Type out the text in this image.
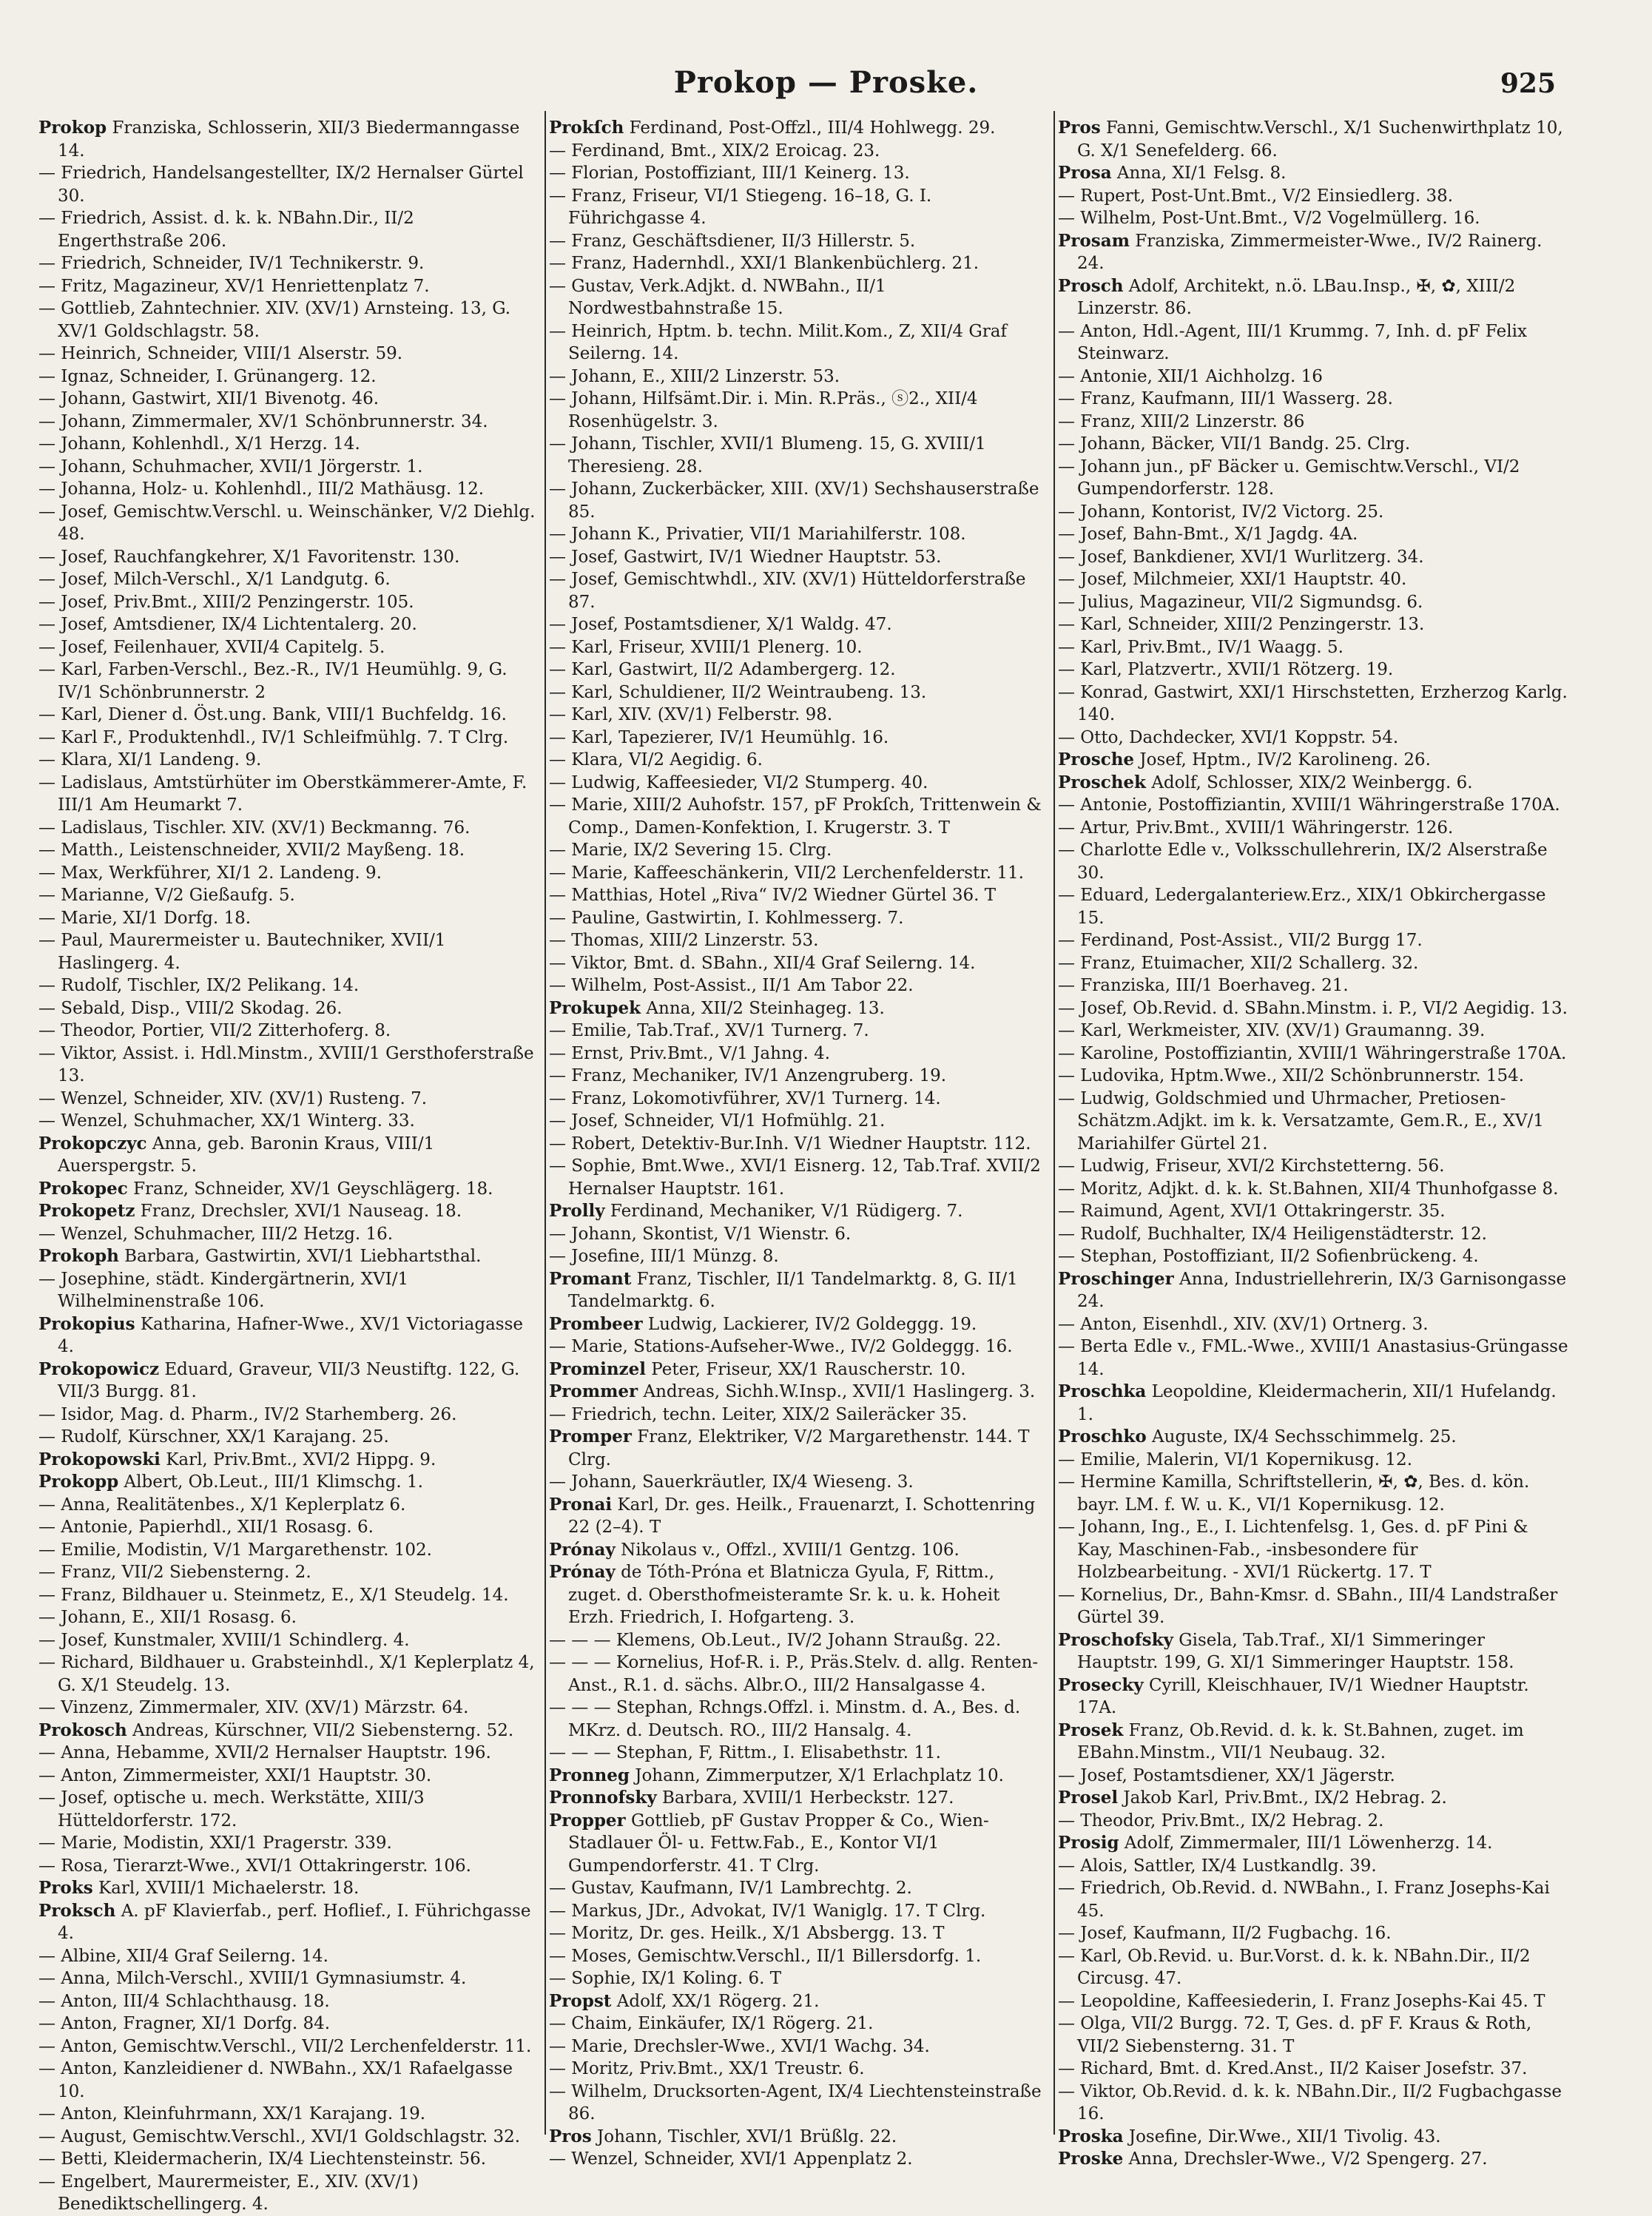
Prokop — Proske.	925

Prokop Franziska, Schlosserin, XII/3 Biedermanngasse 14.

— Friedrich, Handelsangestellter, IX/2 Hernalser Gürtel 30.

— Friedrich, Assist. d. k. k. NBahn.Dir., II/2 Engerthstraße 206.

— Friedrich, Schneider, IV/1 Technikerstr. 9.

— Fritz, Magazineur, XV/1 Henriettenplatz 7.

— Gottlieb, Zahntechnier. XIV. (XV/1) Arnsteing. 13, G. XV/1 Goldschlagstr. 58.

— Heinrich, Schneider, VIII/1 Alserstr. 59.

— Ignaz, Schneider, I. Grünangerg. 12.

— Johann, Gastwirt, XII/1 Bivenotg. 46.

— Johann, Zimmermaler, XV/1 Schönbrunnerstr. 34.

— Johann, Kohlenhdl., X/1 Herzg. 14.

— Johann, Schuhmacher, XVII/1 Jörgerstr. 1.

— Johanna, Holz- u. Kohlenhdl., III/2 Mathäusg. 12.

— Josef, Gemischtw.Verschl. u. Weinschänker, V/2 Diehlg. 48.

— Josef, Rauchfangkehrer, X/1 Favoritenstr. 130.

— Josef, Milch-Verschl., X/1 Landgutg. 6.

— Josef, Priv.Bmt., XIII/2 Penzingerstr. 105.

— Josef, Amtsdiener, IX/4 Lichtentalerg. 20.

— Josef, Feilenhauer, XVII/4 Capitelg. 5.

— Karl, Farben-Verschl., Bez.-R., IV/1 Heumühlg. 9, G. IV/1 Schönbrunnerstr. 2

— Karl, Diener d. Öst.ung. Bank, VIII/1 Buchfeldg. 16.

— Karl F., Produktenhdl., IV/1 Schleifmühlg. 7. T Clrg.

— Klara, XI/1 Landeng. 9.

— Ladislaus, Amtstürhüter im Oberstkämmerer-Amte, F. III/1 Am Heumarkt 7.

— Ladislaus, Tischler. XIV. (XV/1) Beckmanng. 76.

— Matth., Leistenschneider, XVII/2 Mayßeng. 18.

— Max, Werkführer, XI/1 2. Landeng. 9.

— Marianne, V/2 Gießaufg. 5.

— Marie, XI/1 Dorfg. 18.

— Paul, Maurermeister u. Bautechniker, XVII/1 Haslingerg. 4.

— Rudolf, Tischler, IX/2 Pelikang. 14.

— Sebald, Disp., VIII/2 Skodag. 26.

— Theodor, Portier, VII/2 Zitterhoferg. 8.

— Viktor, Assist. i. Hdl.Minstm., XVIII/1 Gersthoferstraße 13.

— Wenzel, Schneider, XIV. (XV/1) Rusteng. 7.

— Wenzel, Schuhmacher, XX/1 Winterg. 33.

Prokopczyc Anna, geb. Baronin Kraus, VIII/1 Auerspergstr. 5.

Prokopec Franz, Schneider, XV/1 Geyschlägerg. 18.

Prokopetz Franz, Drechsler, XVI/1 Nauseag. 18.

— Wenzel, Schuhmacher, III/2 Hetzg. 16.

Prokoph Barbara, Gastwirtin, XVI/1 Liebhartsthal.

— Josephine, städt. Kindergärtnerin, XVI/1 Wilhelminenstraße 106.

Prokopius Katharina, Hafner-Wwe., XV/1 Victoriagasse 4.

Prokopowicz Eduard, Graveur, VII/3 Neustiftg. 122, G. VII/3 Burgg. 81.

— Isidor, Mag. d. Pharm., IV/2 Starhemberg. 26.

— Rudolf, Kürschner, XX/1 Karajang. 25.

Prokopowski Karl, Priv.Bmt., XVI/2 Hippg. 9.

Prokopp Albert, Ob.Leut., III/1 Klimschg. 1.

— Anna, Realitätenbes., X/1 Keplerplatz 6.

— Antonie, Papierhdl., XII/1 Rosasg. 6.

— Emilie, Modistin, V/1 Margarethenstr. 102.

— Franz, VII/2 Siebensterng. 2.

— Franz, Bildhauer u. Steinmetz, E., X/1 Steudelg. 14.

— Johann, E., XII/1 Rosasg. 6.

— Josef, Kunstmaler, XVIII/1 Schindlerg. 4.

— Richard, Bildhauer u. Grabsteinhdl., X/1 Keplerplatz 4, G. X/1 Steudelg. 13.

— Vinzenz, Zimmermaler, XIV. (XV/1) Märzstr. 64.

Prokosch Andreas, Kürschner, VII/2 Siebensterng. 52.

— Anna, Hebamme, XVII/2 Hernalser Hauptstr. 196.

— Anton, Zimmermeister, XXI/1 Hauptstr. 30.

— Josef, optische u. mech. Werkstätte, XIII/3 Hütteldorferstr. 172.

— Marie, Modistin, XXI/1 Pragerstr. 339.

— Rosa, Tierarzt-Wwe., XVI/1 Ottakringerstr. 106.

Proks Karl, XVIII/1 Michaelerstr. 18.

Proksch A. pF Klavierfab., perf. Hoflief., I. Führichgasse 4.

— Albine, XII/4 Graf Seilerng. 14.

— Anna, Milch-Verschl., XVIII/1 Gymnasiumstr. 4.

— Anton, III/4 Schlachthausg. 18.

— Anton, Fragner, XI/1 Dorfg. 84.

— Anton, Gemischtw.Verschl., VII/2 Lerchenfelderstr. 11.

— Anton, Kanzleidiener d. NWBahn., XX/1 Rafaelgasse 10.

— Anton, Kleinfuhrmann, XX/1 Karajang. 19.

— August, Gemischtw.Verschl., XVI/1 Goldschlagstr. 32.

— Betti, Kleidermacherin, IX/4 Liechtensteinstr. 56.

— Engelbert, Maurermeister, E., XIV. (XV/1) Benediktschellingerg. 4.

Prokſch Ferdinand, Post-Offzl., III/4 Hohlwegg. 29.

— Ferdinand, Bmt., XIX/2 Eroicag. 23.

— Florian, Postoffiziant, III/1 Keinerg. 13.

— Franz, Friseur, VI/1 Stiegeng. 16–18, G. I. Führichgasse 4.

— Franz, Geschäftsdiener, II/3 Hillerstr. 5.

— Franz, Hadernhdl., XXI/1 Blankenbüchlerg. 21.

— Gustav, Verk.Adjkt. d. NWBahn., II/1 Nordwestbahnstraße 15.

— Heinrich, Hptm. b. techn. Milit.Kom., Z, XII/4 Graf Seilerng. 14.

— Johann, E., XIII/2 Linzerstr. 53.

— Johann, Hilfsämt.Dir. i. Min. R.Präs., ⓢ2., XII/4 Rosenhügelstr. 3.

— Johann, Tischler, XVII/1 Blumeng. 15, G. XVIII/1 Theresieng. 28.

— Johann, Zuckerbäcker, XIII. (XV/1) Sechshauserstraße 85.

— Johann K., Privatier, VII/1 Mariahilferstr. 108.

— Josef, Gastwirt, IV/1 Wiedner Hauptstr. 53.

— Josef, Gemischtwhdl., XIV. (XV/1) Hütteldorferstraße 87.

— Josef, Postamtsdiener, X/1 Waldg. 47.

— Karl, Friseur, XVIII/1 Plenerg. 10.

— Karl, Gastwirt, II/2 Adambergerg. 12.

— Karl, Schuldiener, II/2 Weintraubeng. 13.

— Karl, XIV. (XV/1) Felberstr. 98.

— Karl, Tapezierer, IV/1 Heumühlg. 16.

— Klara, VI/2 Aegidig. 6.

— Ludwig, Kaffeesieder, VI/2 Stumperg. 40.

— Marie, XIII/2 Auhofstr. 157, pF Prokſch, Trittenwein & Comp., Damen-Konfektion, I. Krugerstr. 3. T

— Marie, IX/2 Severing 15. Clrg.

— Marie, Kaffeeschänkerin, VII/2 Lerchenfelderstr. 11.

— Matthias, Hotel „Riva“ IV/2 Wiedner Gürtel 36. T

— Pauline, Gastwirtin, I. Kohlmesserg. 7.

— Thomas, XIII/2 Linzerstr. 53.

— Viktor, Bmt. d. SBahn., XII/4 Graf Seilerng. 14.

— Wilhelm, Post-Assist., II/1 Am Tabor 22.

Prokupek Anna, XII/2 Steinhageg. 13.

— Emilie, Tab.Traf., XV/1 Turnerg. 7.

— Ernst, Priv.Bmt., V/1 Jahng. 4.

— Franz, Mechaniker, IV/1 Anzengruberg. 19.

— Franz, Lokomotivführer, XV/1 Turnerg. 14.

— Josef, Schneider, VI/1 Hofmühlg. 21.

— Robert, Detektiv-Bur.Inh. V/1 Wiedner Hauptstr. 112.

— Sophie, Bmt.Wwe., XVI/1 Eisnerg. 12, Tab.Traf. XVII/2 Hernalser Hauptstr. 161.

Prolly Ferdinand, Mechaniker, V/1 Rüdigerg. 7.

— Johann, Skontist, V/1 Wienstr. 6.

— Josefine, III/1 Münzg. 8.

Promant Franz, Tischler, II/1 Tandelmarktg. 8, G. II/1 Tandelmarktg. 6.

Prombeer Ludwig, Lackierer, IV/2 Goldeggg. 19.

— Marie, Stations-Aufseher-Wwe., IV/2 Goldeggg. 16.

Prominzel Peter, Friseur, XX/1 Rauscherstr. 10.

Prommer Andreas, Sichh.W.Insp., XVII/1 Haslingerg. 3.

— Friedrich, techn. Leiter, XIX/2 Saileräcker 35.

Promper Franz, Elektriker, V/2 Margarethenstr. 144. T Clrg.

— Johann, Sauerkräutler, IX/4 Wieseng. 3.

Pronai Karl, Dr. ges. Heilk., Frauenarzt, I. Schottenring 22 (2–4). T

Prónay Nikolaus v., Offzl., XVIII/1 Gentzg. 106.

Prónay de Tóth-Próna et Blatnicza Gyula, F, Rittm., zuget. d. Obersthofmeisteramte Sr. k. u. k. Hoheit Erzh. Friedrich, I. Hofgarteng. 3.

— — — Klemens, Ob.Leut., IV/2 Johann Straußg. 22.

— — — Kornelius, Hof-R. i. P., Präs.Stelv. d. allg. Renten-Anst., R.1. d. sächs. Albr.O., III/2 Hansalgasse 4.

— — — Stephan, Rchngs.Offzl. i. Minstm. d. A., Bes. d. MKrz. d. Deutsch. RO., III/2 Hansalg. 4.

— — — Stephan, F, Rittm., I. Elisabethstr. 11.

Pronneg Johann, Zimmerputzer, X/1 Erlachplatz 10.

Pronnofsky Barbara, XVIII/1 Herbeckstr. 127.

Propper Gottlieb, pF Gustav Propper & Co., Wien-Stadlauer Öl- u. Fettw.Fab., E., Kontor VI/1 Gumpendorferstr. 41. T Clrg.

— Gustav, Kaufmann, IV/1 Lambrechtg. 2.

— Markus, JDr., Advokat, IV/1 Waniglg. 17. T Clrg.

— Moritz, Dr. ges. Heilk., X/1 Absbergg. 13. T

— Moses, Gemischtw.Verschl., II/1 Billersdorfg. 1.

— Sophie, IX/1 Koling. 6. T

Propst Adolf, XX/1 Rögerg. 21.

— Chaim, Einkäufer, IX/1 Rögerg. 21.

— Marie, Drechsler-Wwe., XVI/1 Wachg. 34.

— Moritz, Priv.Bmt., XX/1 Treustr. 6.

— Wilhelm, Drucksorten-Agent, IX/4 Liechtensteinstraße 86.

Pros Johann, Tischler, XVI/1 Brüßlg. 22.

— Wenzel, Schneider, XVI/1 Appenplatz 2.

Pros Fanni, Gemischtw.Verschl., X/1 Suchenwirthplatz 10, G. X/1 Senefelderg. 66.

Prosa Anna, XI/1 Felsg. 8.

— Rupert, Post-Unt.Bmt., V/2 Einsiedlerg. 38.

— Wilhelm, Post-Unt.Bmt., V/2 Vogelmüllerg. 16.

Prosam Franziska, Zimmermeister-Wwe., IV/2 Rainerg. 24.

Prosch Adolf, Architekt, n.ö. LBau.Insp., ✠, ✿, XIII/2 Linzerstr. 86.

— Anton, Hdl.-Agent, III/1 Krummg. 7, Inh. d. pF Felix Steinwarz.

— Antonie, XII/1 Aichholzg. 16

— Franz, Kaufmann, III/1 Wasserg. 28.

— Franz, XIII/2 Linzerstr. 86

— Johann, Bäcker, VII/1 Bandg. 25. Clrg.

— Johann jun., pF Bäcker u. Gemischtw.Verschl., VI/2 Gumpendorferstr. 128.

— Johann, Kontorist, IV/2 Victorg. 25.

— Josef, Bahn-Bmt., X/1 Jagdg. 4A.

— Josef, Bankdiener, XVI/1 Wurlitzerg. 34.

— Josef, Milchmeier, XXI/1 Hauptstr. 40.

— Julius, Magazineur, VII/2 Sigmundsg. 6.

— Karl, Schneider, XIII/2 Penzingerstr. 13.

— Karl, Priv.Bmt., IV/1 Waagg. 5.

— Karl, Platzvertr., XVII/1 Rötzerg. 19.

— Konrad, Gastwirt, XXI/1 Hirschstetten, Erzherzog Karlg. 140.

— Otto, Dachdecker, XVI/1 Koppstr. 54.

Prosche Josef, Hptm., IV/2 Karolineng. 26.

Proschek Adolf, Schlosser, XIX/2 Weinbergg. 6.

— Antonie, Postoffiziantin, XVIII/1 Währingerstraße 170A.

— Artur, Priv.Bmt., XVIII/1 Währingerstr. 126.

— Charlotte Edle v., Volksschullehrerin, IX/2 Alserstraße 30.

— Eduard, Ledergalanteriew.Erz., XIX/1 Obkirchergasse 15.

— Ferdinand, Post-Assist., VII/2 Burgg 17.

— Franz, Etuimacher, XII/2 Schallerg. 32.

— Franziska, III/1 Boerhaveg. 21.

— Josef, Ob.Revid. d. SBahn.Minstm. i. P., VI/2 Aegidig. 13.

— Karl, Werkmeister, XIV. (XV/1) Graumanng. 39.

— Karoline, Postoffiziantin, XVIII/1 Währingerstraße 170A.

— Ludovika, Hptm.Wwe., XII/2 Schönbrunnerstr. 154.

— Ludwig, Goldschmied und Uhrmacher, Pretiosen-Schätzm.Adjkt. im k. k. Versatzamte, Gem.R., E., XV/1 Mariahilfer Gürtel 21.

— Ludwig, Friseur, XVI/2 Kirchstetterng. 56.

— Moritz, Adjkt. d. k. k. St.Bahnen, XII/4 Thunhofgasse 8.

— Raimund, Agent, XVI/1 Ottakringerstr. 35.

— Rudolf, Buchhalter, IX/4 Heiligenstädterstr. 12.

— Stephan, Postoffiziant, II/2 Sofienbrückeng. 4.

Proschinger Anna, Industriellehrerin, IX/3 Garnisongasse 24.

— Anton, Eisenhdl., XIV. (XV/1) Ortnerg. 3.

— Berta Edle v., FML.-Wwe., XVIII/1 Anastasius-Grüngasse 14.

Proschka Leopoldine, Kleidermacherin, XII/1 Hufelandg. 1.

Proschko Auguste, IX/4 Sechsschimmelg. 25.

— Emilie, Malerin, VI/1 Kopernikusg. 12.

— Hermine Kamilla, Schriftstellerin, ✠, ✿, Bes. d. kön. bayr. LM. f. W. u. K., VI/1 Kopernikusg. 12.

— Johann, Ing., E., I. Lichtenfelsg. 1, Ges. d. pF Pini & Kay, Maschinen-Fab., -insbesondere für Holzbearbeitung. - XVI/1 Rückertg. 17. T

— Kornelius, Dr., Bahn-Kmsr. d. SBahn., III/4 Landstraßer Gürtel 39.

Proschofsky Gisela, Tab.Traf., XI/1 Simmeringer Hauptstr. 199, G. XI/1 Simmeringer Hauptstr. 158.

Prosecky Cyrill, Kleischhauer, IV/1 Wiedner Hauptstr. 17A.

Prosek Franz, Ob.Revid. d. k. k. St.Bahnen, zuget. im EBahn.Minstm., VII/1 Neubaug. 32.

— Josef, Postamtsdiener, XX/1 Jägerstr.

Prosel Jakob Karl, Priv.Bmt., IX/2 Hebrag. 2.

— Theodor, Priv.Bmt., IX/2 Hebrag. 2.

Prosig Adolf, Zimmermaler, III/1 Löwenherzg. 14.

— Alois, Sattler, IX/4 Lustkandlg. 39.

— Friedrich, Ob.Revid. d. NWBahn., I. Franz Josephs-Kai 45.

— Josef, Kaufmann, II/2 Fugbachg. 16.

— Karl, Ob.Revid. u. Bur.Vorst. d. k. k. NBahn.Dir., II/2 Circusg. 47.

— Leopoldine, Kaffeesiederin, I. Franz Josephs-Kai 45. T

— Olga, VII/2 Burgg. 72. T, Ges. d. pF F. Kraus & Roth, VII/2 Siebensterng. 31. T

— Richard, Bmt. d. Kred.Anst., II/2 Kaiser Josefstr. 37.

— Viktor, Ob.Revid. d. k. k. NBahn.Dir., II/2 Fugbachgasse 16.

Proska Josefine, Dir.Wwe., XII/1 Tivolig. 43.

Proske Anna, Drechsler-Wwe., V/2 Spengerg. 27.
